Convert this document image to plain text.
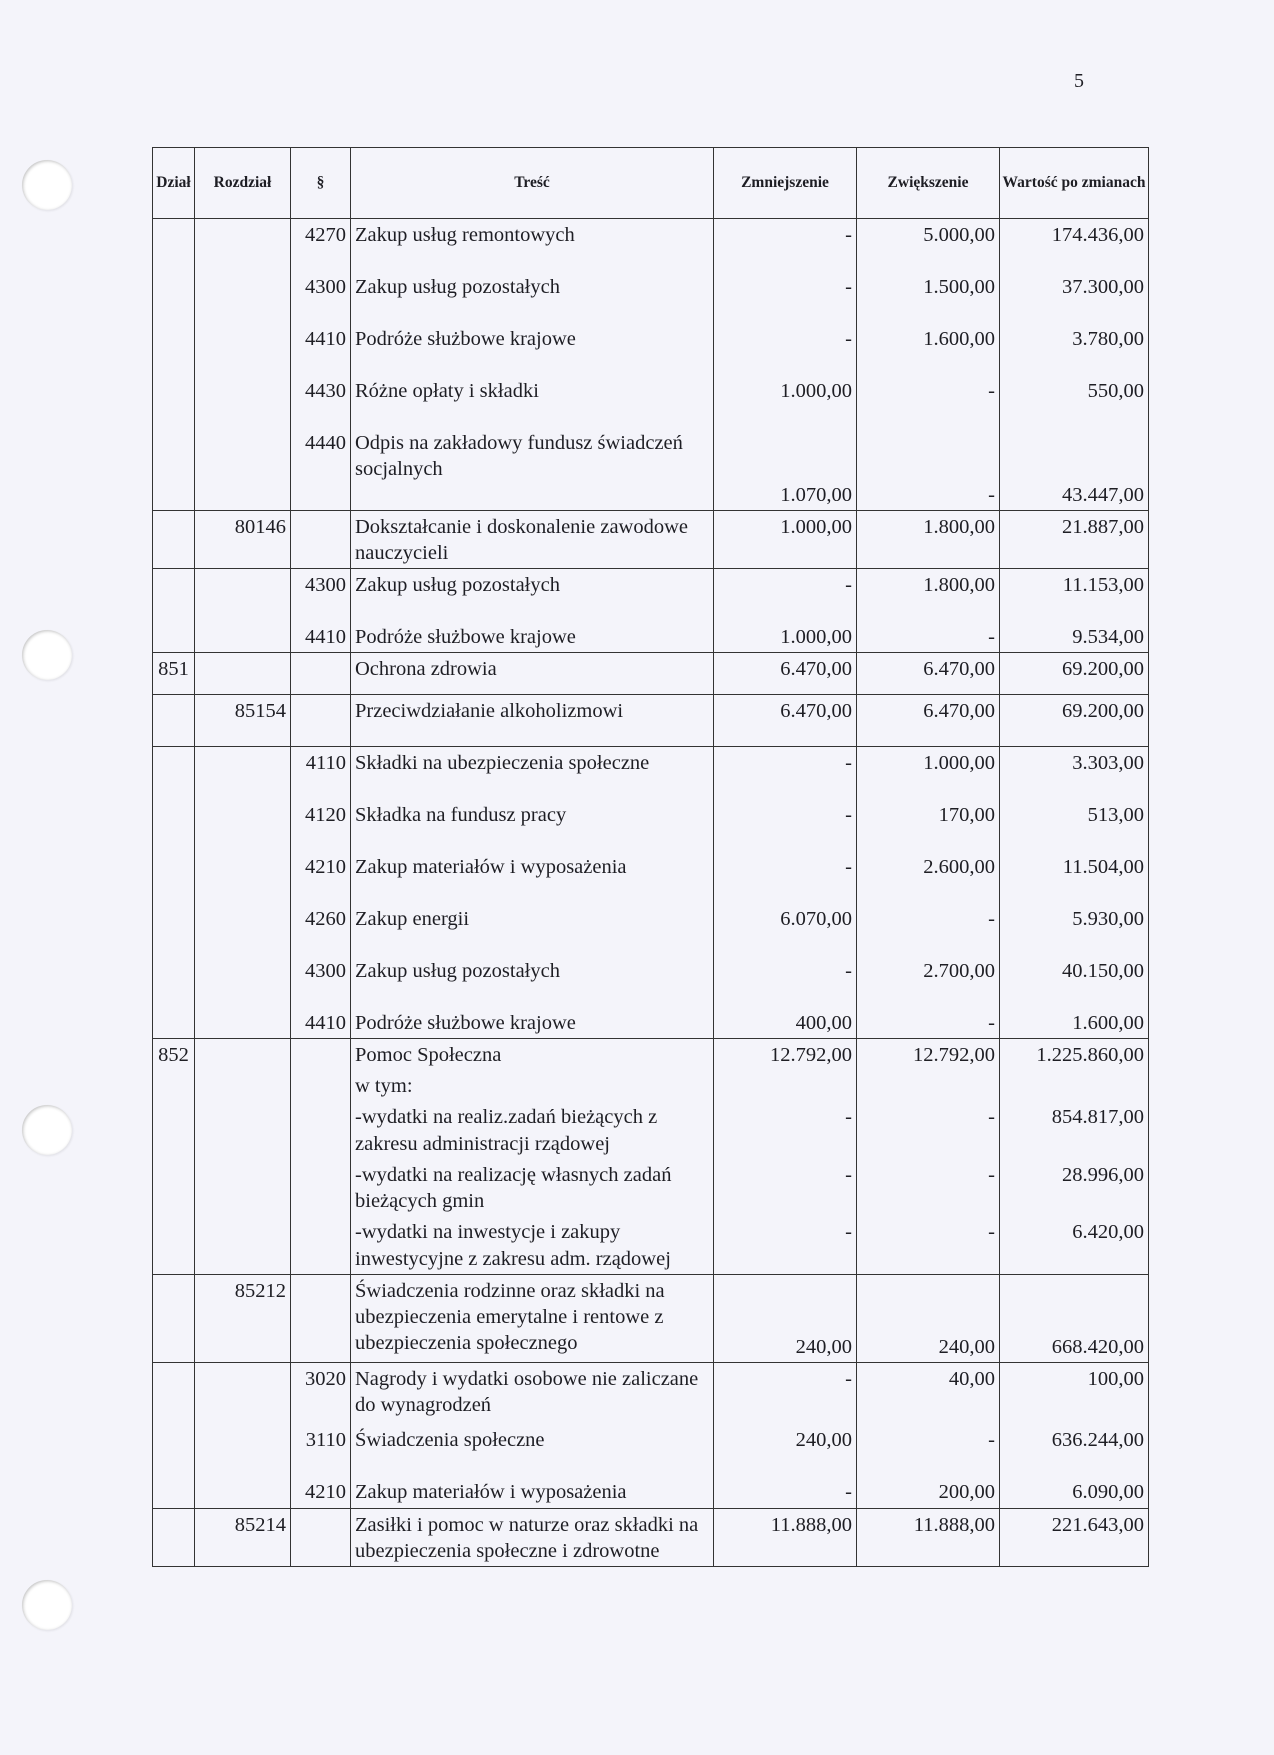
5
Dział	Rozdział	§	Treść	Zmniejszenie	Zwiększenie	Wartość po zmianach
		4270	Zakup usług remontowych	-	5.000,00	174.436,00
		4300	Zakup usług pozostałych	-	1.500,00	37.300,00
		4410	Podróże służbowe krajowe	-	1.600,00	3.780,00
		4430	Różne opłaty i składki	1.000,00	-	550,00
		4440	Odpis na zakładowy fundusz świadczeń socjalnych	1.070,00	-	43.447,00
	80146		Dokształcanie i doskonalenie zawodowe nauczycieli	1.000,00	1.800,00	21.887,00
		4300	Zakup usług pozostałych	-	1.800,00	11.153,00
		4410	Podróże służbowe krajowe	1.000,00	-	9.534,00
851			Ochrona zdrowia	6.470,00	6.470,00	69.200,00
	85154		Przeciwdziałanie alkoholizmowi	6.470,00	6.470,00	69.200,00
		4110	Składki na ubezpieczenia społeczne	-	1.000,00	3.303,00
		4120	Składka na fundusz pracy	-	170,00	513,00
		4210	Zakup materiałów i wyposażenia	-	2.600,00	11.504,00
		4260	Zakup energii	6.070,00	-	5.930,00
		4300	Zakup usług pozostałych	-	2.700,00	40.150,00
		4410	Podróże służbowe krajowe	400,00	-	1.600,00
852			Pomoc Społeczna	12.792,00	12.792,00	1.225.860,00
			w tym:			
			-wydatki na realiz.zadań bieżących z zakresu administracji rządowej	-	-	854.817,00
			-wydatki na realizację własnych zadań bieżących gmin	-	-	28.996,00
			-wydatki na inwestycje i zakupy inwestycyjne z zakresu adm. rządowej	-	-	6.420,00
	85212		Świadczenia rodzinne oraz składki na ubezpieczenia emerytalne i rentowe z ubezpieczenia społecznego	240,00	240,00	668.420,00
		3020	Nagrody i wydatki osobowe nie zaliczane do wynagrodzeń	-	40,00	100,00
		3110	Świadczenia społeczne	240,00	-	636.244,00
		4210	Zakup materiałów i wyposażenia	-	200,00	6.090,00
	85214		Zasiłki i pomoc w naturze oraz składki na ubezpieczenia społeczne i zdrowotne	11.888,00	11.888,00	221.643,00
